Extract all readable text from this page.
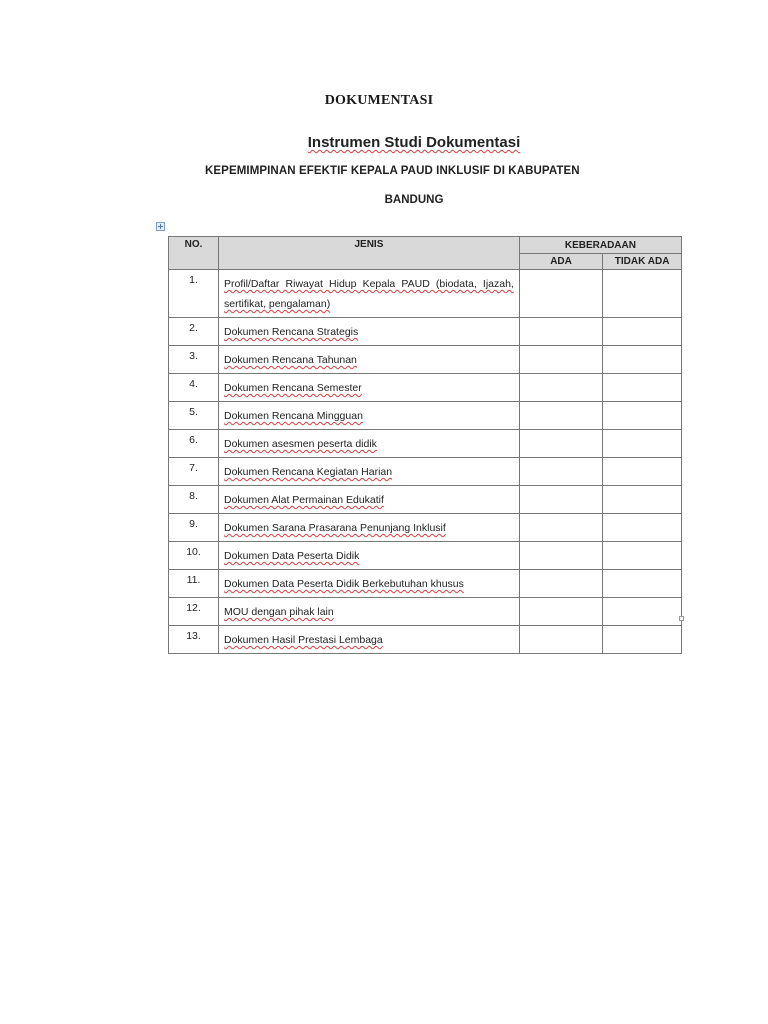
DOKUMENTASI
Instrumen Studi Dokumentasi
KEPEMIMPINAN EFEKTIF KEPALA PAUD INKLUSIF DI KABUPATEN
BANDUNG
NO.	JENIS	KEBERADAAN	
		ADA	TIDAK ADA
1.	Profil/Daftar Riwayat Hidup Kepala PAUD (biodata, Ijazah, sertifikat, pengalaman)		
2.	Dokumen Rencana Strategis		
3.	Dokumen Rencana Tahunan		
4.	Dokumen Rencana Semester		
5.	Dokumen Rencana Mingguan		
6.	Dokumen asesmen peserta didik		
7.	Dokumen Rencana Kegiatan Harian		
8.	Dokumen Alat Permainan Edukatif		
9.	Dokumen Sarana Prasarana Penunjang Inklusif		
10.	Dokumen Data Peserta Didik		
11.	Dokumen Data Peserta Didik Berkebutuhan khusus		
12.	MOU dengan pihak lain		
13.	Dokumen Hasil Prestasi Lembaga		
